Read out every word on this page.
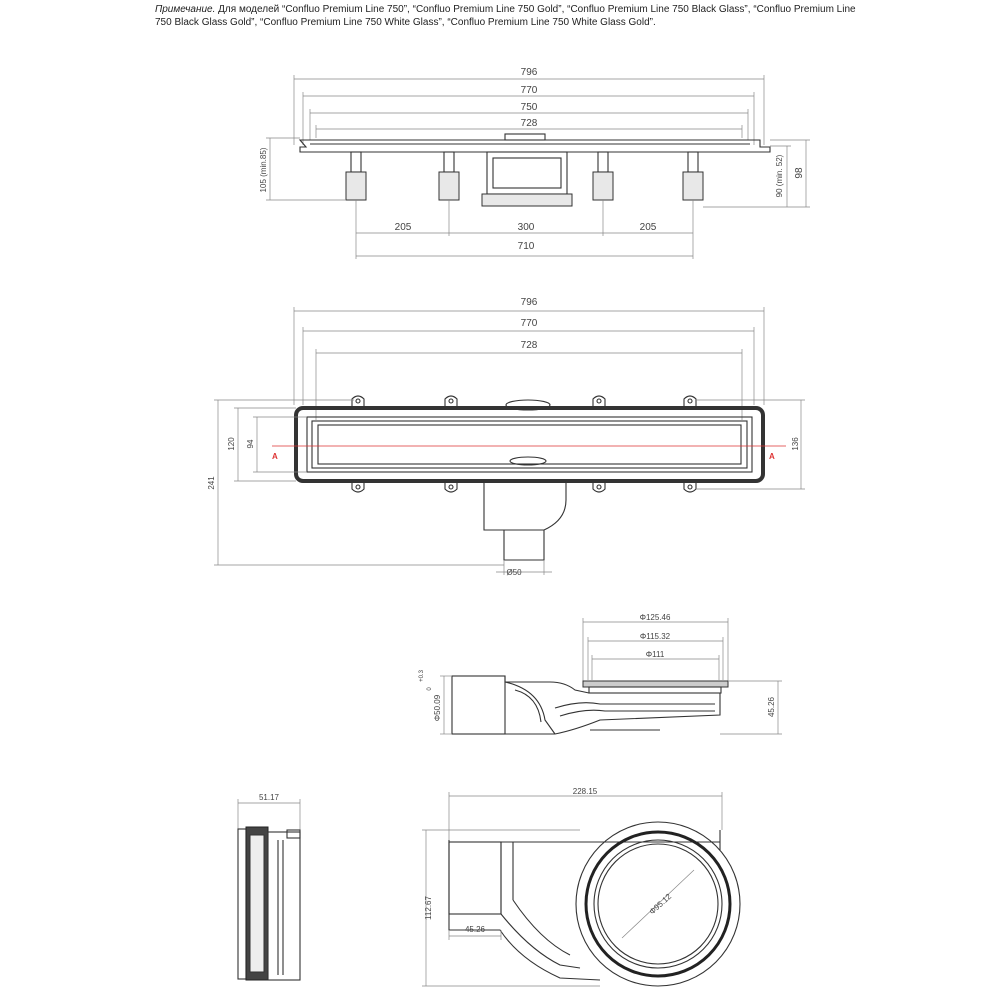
Примечание. Для моделей “Confluo Premium Line 750”, “Confluo Premium Line 750 Gold”, “Confluo Premium Line 750 Black Glass”, “Confluo Premium Line 750 Black Glass Gold”, “Confluo Premium Line 750 White Glass”, “Confluo Premium Line 750 White Glass Gold”.
796
770
750
728
105 (min.85)	90 (min. 52) 98
205	300	205
710
796
770
728
A	A
Ø50
241
120 94	136
Φ125.46
Φ115.32
Φ111
Φ50.09
+0.3
0
45.26
51.17
228.15
Φ95.12
112.67
45.26
